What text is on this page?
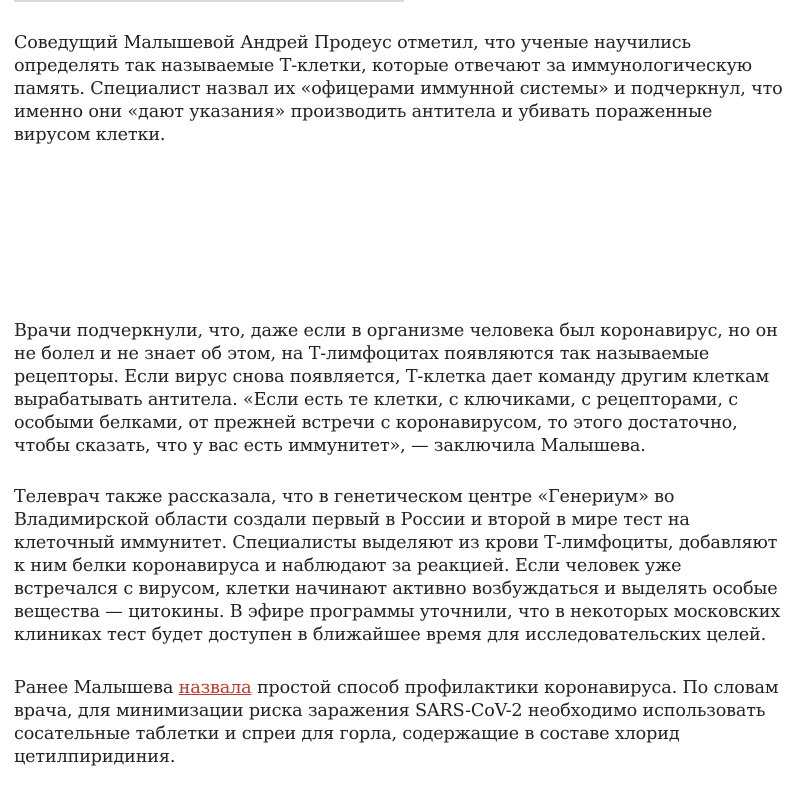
Соведущий Малышевой Андрей Продеус отметил, что ученые научились определять так называемые Т-клетки, которые отвечают за иммунологическую память. Специалист назвал их «офицерами иммунной системы» и подчеркнул, что именно они «дают указания» производить антитела и убивать пораженные вирусом клетки.

Врачи подчеркнули, что, даже если в организме человека был коронавирус, но он не болел и не знает об этом, на Т-лимфоцитах появляются так называемые рецепторы. Если вирус снова появляется, Т-клетка дает команду другим клеткам вырабатывать антитела. «Если есть те клетки, с ключиками, с рецепторами, с особыми белками, от прежней встречи с коронавирусом, то этого достаточно, чтобы сказать, что у вас есть иммунитет», — заключила Малышева.

Телеврач также рассказала, что в генетическом центре «Генериум» во Владимирской области создали первый в России и второй в мире тест на клеточный иммунитет. Специалисты выделяют из крови Т-лимфоциты, добавляют к ним белки коронавируса и наблюдают за реакцией. Если человек уже встречался с вирусом, клетки начинают активно возбуждаться и выделять особые вещества — цитокины. В эфире программы уточнили, что в некоторых московских клиниках тест будет доступен в ближайшее время для исследовательских целей.

Ранее Малышева назвала простой способ профилактики коронавируса. По словам врача, для минимизации риска заражения SARS-CoV-2 необходимо использовать сосательные таблетки и спреи для горла, содержащие в составе хлорид цетилпиридиния.
